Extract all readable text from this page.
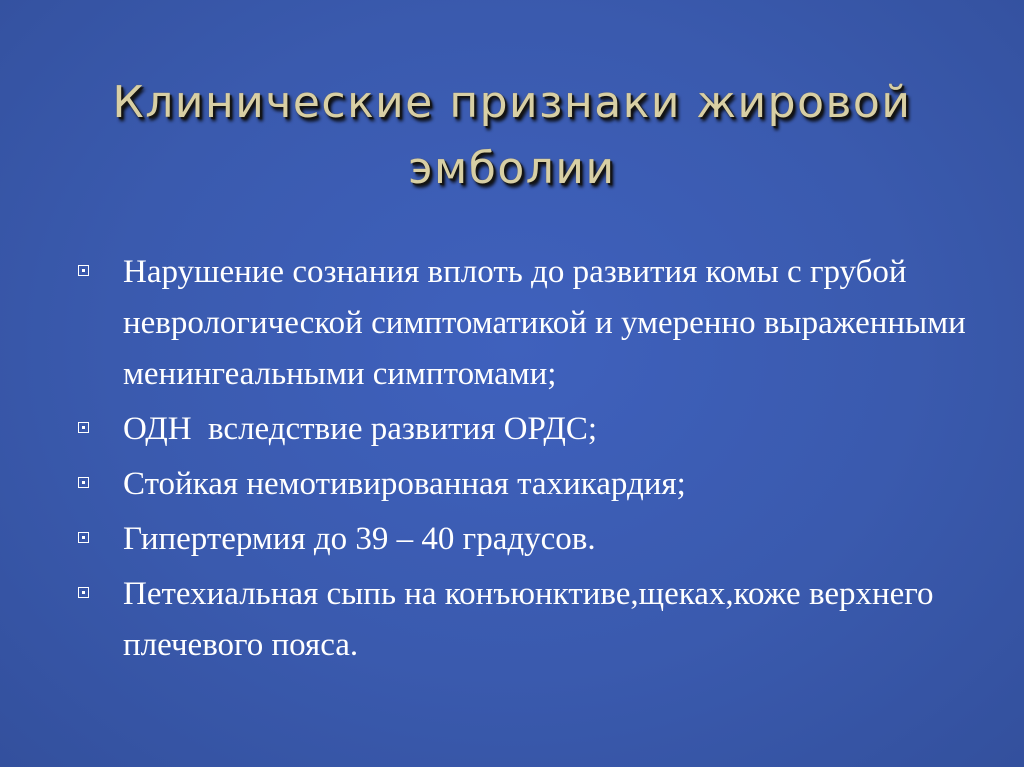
Клинические признаки жировой эмболии
Нарушение сознания вплоть до развития комы с грубой неврологической симптоматикой и умеренно выраженными менингеальными симптомами;
ОДН  вследствие развития ОРДС;
Стойкая немотивированная тахикардия;
Гипертермия до 39 – 40 градусов.
Петехиальная сыпь на конъюнктиве,щеках,коже верхнего плечевого пояса.
